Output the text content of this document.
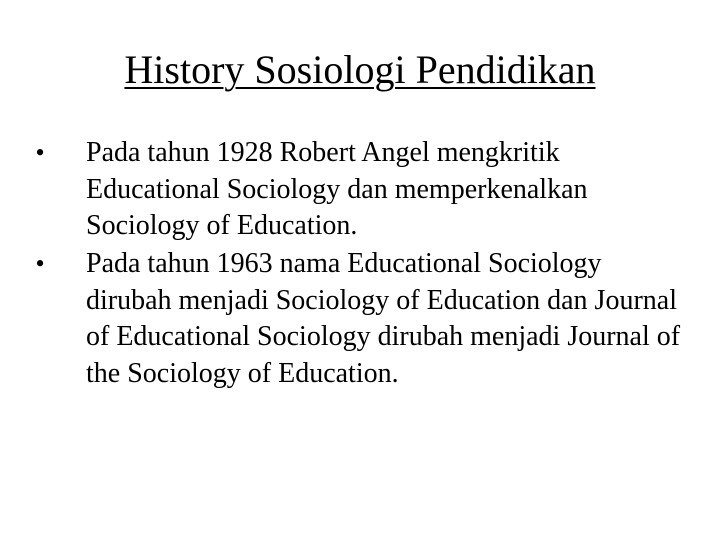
History Sosiologi Pendidikan
• Pada tahun 1928 Robert Angel mengkritik Educational Sociology dan memperkenalkan Sociology of Education.
• Pada tahun 1963 nama Educational Sociology dirubah menjadi Sociology of Education dan Journal of Educational Sociology dirubah menjadi Journal of the Sociology of Education.
